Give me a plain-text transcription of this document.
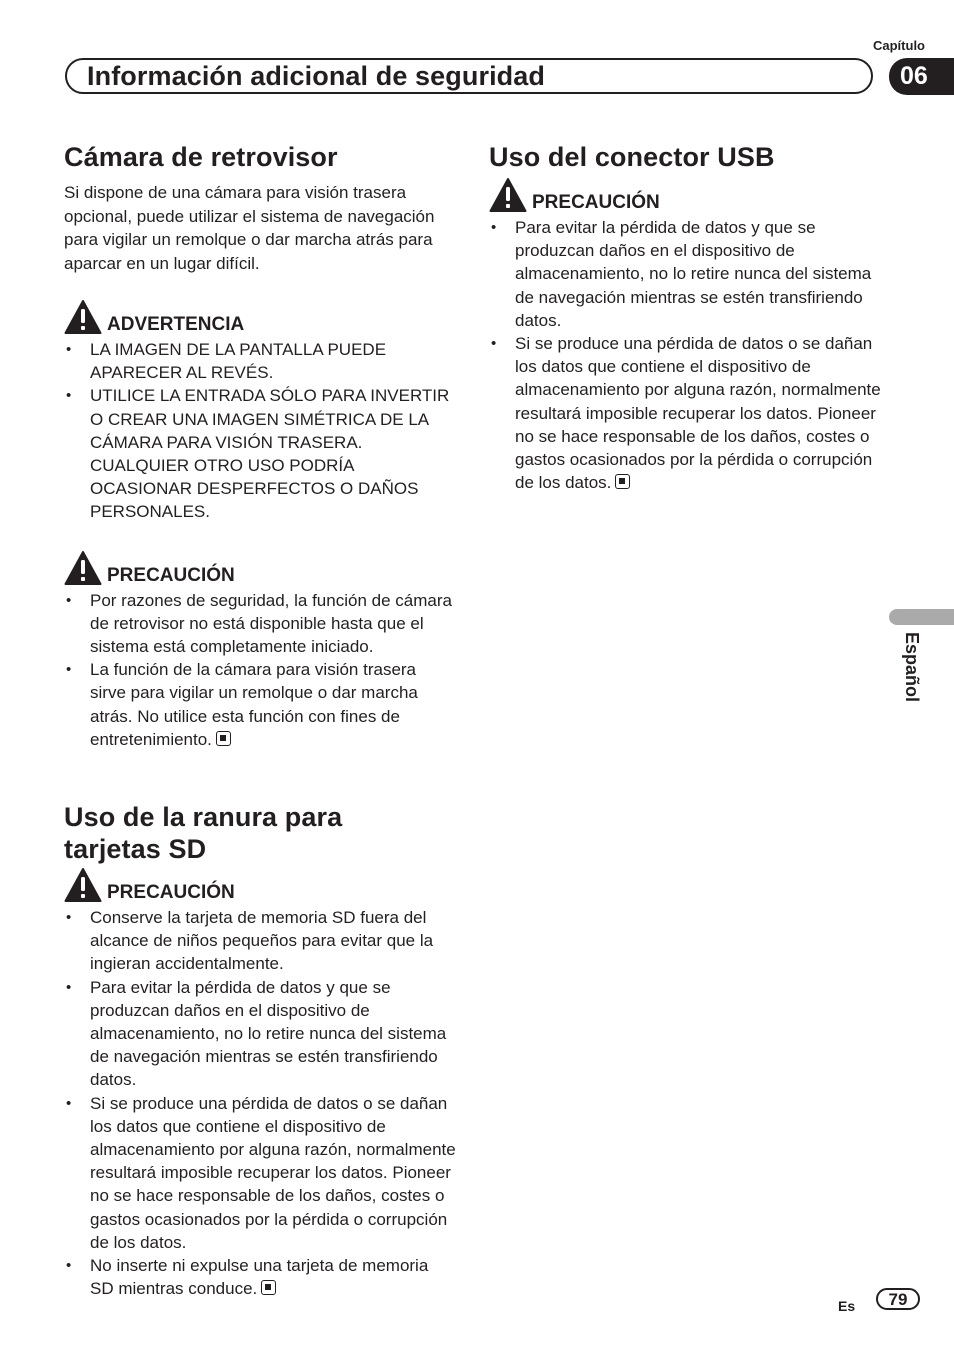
Capítulo
Información adicional de seguridad	06
Español
Cámara de retrovisor

Si dispone de una cámara para visión trasera opcional, puede utilizar el sistema de navegación para vigilar un remolque o dar marcha atrás para aparcar en un lugar difícil.

ADVERTENCIA
• LA IMAGEN DE LA PANTALLA PUEDE APARECER AL REVÉS.
• UTILICE LA ENTRADA SÓLO PARA INVERTIR O CREAR UNA IMAGEN SIMÉTRICA DE LA CÁMARA PARA VISIÓN TRASERA. CUALQUIER OTRO USO PODRÍA OCASIONAR DESPERFECTOS O DAÑOS PERSONALES.
PRECAUCIÓN
• Por razones de seguridad, la función de cámara de retrovisor no está disponible hasta que el sistema está completamente iniciado.
• La función de la cámara para visión trasera sirve para vigilar un remolque o dar marcha atrás. No utilice esta función con fines de entretenimiento.
Uso de la ranura para tarjetas SD
PRECAUCIÓN
• Conserve la tarjeta de memoria SD fuera del alcance de niños pequeños para evitar que la ingieran accidentalmente.
• Para evitar la pérdida de datos y que se produzcan daños en el dispositivo de almacenamiento, no lo retire nunca del sistema de navegación mientras se estén transfiriendo datos.
• Si se produce una pérdida de datos o se dañan los datos que contiene el dispositivo de almacenamiento por alguna razón, normalmente resultará imposible recuperar los datos. Pioneer no se hace responsable de los daños, costes o gastos ocasionados por la pérdida o corrupción de los datos.
• No inserte ni expulse una tarjeta de memoria SD mientras conduce.
Uso del conector USB
PRECAUCIÓN
• Para evitar la pérdida de datos y que se produzcan daños en el dispositivo de almacenamiento, no lo retire nunca del sistema de navegación mientras se estén transfiriendo datos.
• Si se produce una pérdida de datos o se dañan los datos que contiene el dispositivo de almacenamiento por alguna razón, normalmente resultará imposible recuperar los datos. Pioneer no se hace responsable de los daños, costes o gastos ocasionados por la pérdida o corrupción de los datos.
Es	79
